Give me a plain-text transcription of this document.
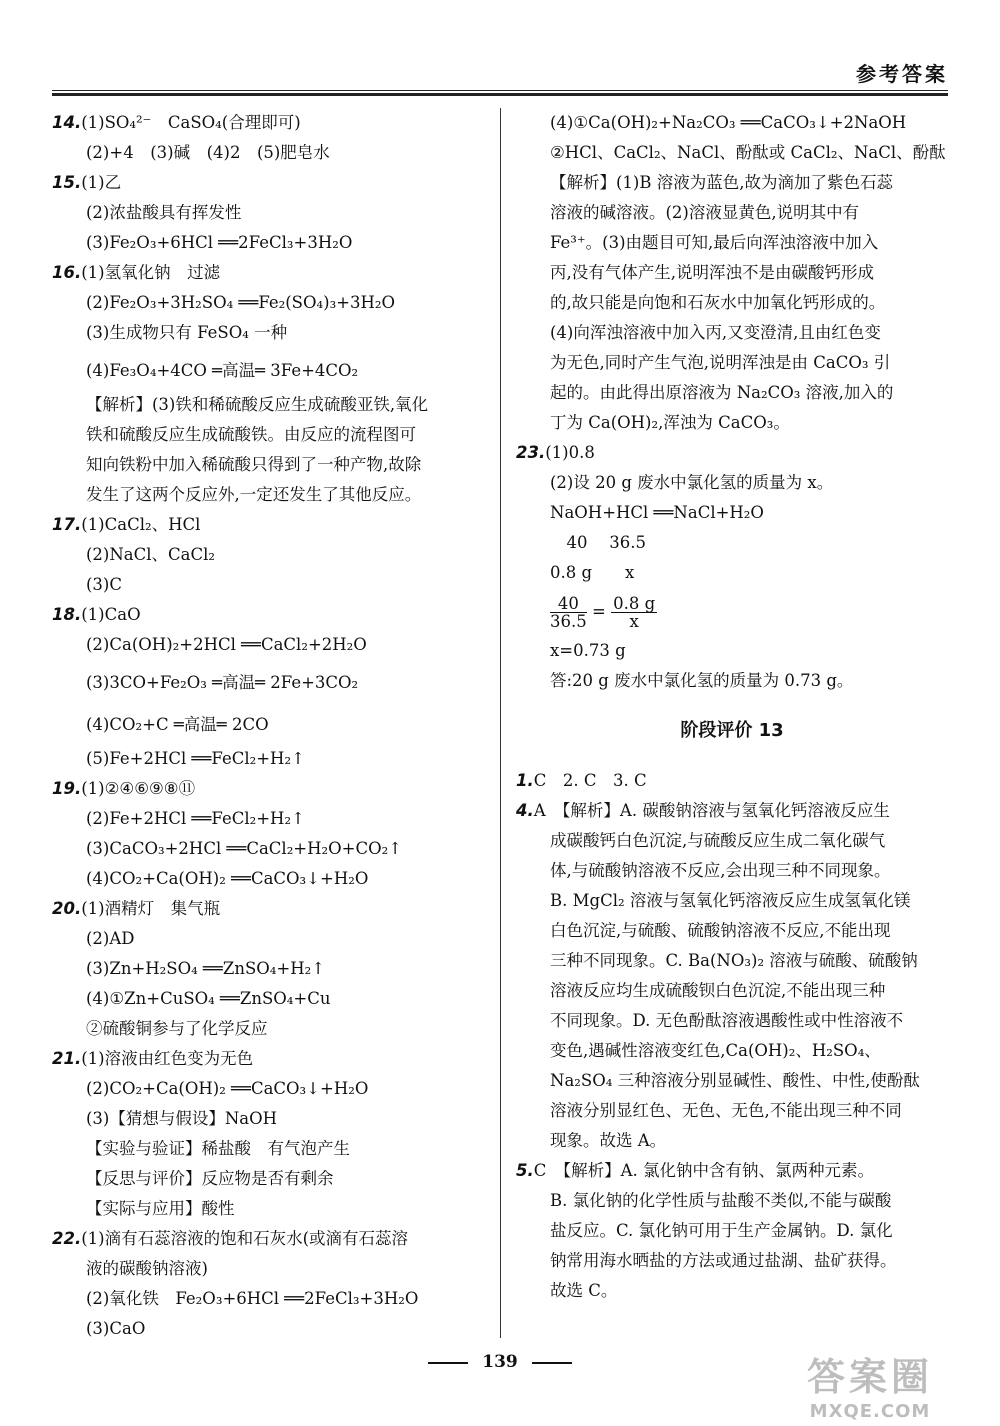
参考答案
14.(1)SO₄²⁻　CaSO₄(合理即可)
(2)+4　(3)碱　(4)2　(5)肥皂水
15.(1)乙
(2)浓盐酸具有挥发性
(3)Fe₂O₃+6HCl ══2FeCl₃+3H₂O
16.(1)氢氧化钠　过滤
(2)Fe₂O₃+3H₂SO₄ ══Fe₂(SO₄)₃+3H₂O
(3)生成物只有 FeSO₄ 一种
(4)Fe₃O₄+4CO ═高温═ 3Fe+4CO₂
【解析】(3)铁和稀硫酸反应生成硫酸亚铁,氧化
铁和硫酸反应生成硫酸铁。由反应的流程图可
知向铁粉中加入稀硫酸只得到了一种产物,故除
发生了这两个反应外,一定还发生了其他反应。
17.(1)CaCl₂、HCl
(2)NaCl、CaCl₂
(3)C
18.(1)CaO
(2)Ca(OH)₂+2HCl ══CaCl₂+2H₂O
(3)3CO+Fe₂O₃ ═高温═ 2Fe+3CO₂
(4)CO₂+C ═高温═ 2CO
(5)Fe+2HCl ══FeCl₂+H₂↑
19.(1)②④⑥⑨⑧⑪
(2)Fe+2HCl ══FeCl₂+H₂↑
(3)CaCO₃+2HCl ══CaCl₂+H₂O+CO₂↑
(4)CO₂+Ca(OH)₂ ══CaCO₃↓+H₂O
20.(1)酒精灯　集气瓶
(2)AD
(3)Zn+H₂SO₄ ══ZnSO₄+H₂↑
(4)①Zn+CuSO₄ ══ZnSO₄+Cu
②硫酸铜参与了化学反应
21.(1)溶液由红色变为无色
(2)CO₂+Ca(OH)₂ ══CaCO₃↓+H₂O
(3)【猜想与假设】NaOH
【实验与验证】稀盐酸　有气泡产生
【反思与评价】反应物是否有剩余
【实际与应用】酸性
22.(1)滴有石蕊溶液的饱和石灰水(或滴有石蕊溶
液的碳酸钠溶液)
(2)氧化铁　Fe₂O₃+6HCl ══2FeCl₃+3H₂O
(3)CaO
(4)①Ca(OH)₂+Na₂CO₃ ══CaCO₃↓+2NaOH
②HCl、CaCl₂、NaCl、酚酞或 CaCl₂、NaCl、酚酞
【解析】(1)B 溶液为蓝色,故为滴加了紫色石蕊
溶液的碱溶液。(2)溶液显黄色,说明其中有
Fe³⁺。(3)由题目可知,最后向浑浊溶液中加入
丙,没有气体产生,说明浑浊不是由碳酸钙形成
的,故只能是向饱和石灰水中加氧化钙形成的。
(4)向浑浊溶液中加入丙,又变澄清,且由红色变
为无色,同时产生气泡,说明浑浊是由 CaCO₃ 引
起的。由此得出原溶液为 Na₂CO₃ 溶液,加入的
丁为 Ca(OH)₂,浑浊为 CaCO₃。
23.(1)0.8
(2)设 20 g 废水中氯化氢的质量为 x。
NaOH+HCl ══NaCl+H₂O
　40　 36.5
0.8 g　　x
$\frac{40}{36.5} = \frac{0.8 g}{x}$
x=0.73 g
答:20 g 废水中氯化氢的质量为 0.73 g。
阶段评价 13
1.C　2. C　3. C
4.A　【解析】A. 碳酸钠溶液与氢氧化钙溶液反应生
成碳酸钙白色沉淀,与硫酸反应生成二氧化碳气
体,与硫酸钠溶液不反应,会出现三种不同现象。
B. MgCl₂ 溶液与氢氧化钙溶液反应生成氢氧化镁
白色沉淀,与硫酸、硫酸钠溶液不反应,不能出现
三种不同现象。C. Ba(NO₃)₂ 溶液与硫酸、硫酸钠
溶液反应均生成硫酸钡白色沉淀,不能出现三种
不同现象。D. 无色酚酞溶液遇酸性或中性溶液不
变色,遇碱性溶液变红色,Ca(OH)₂、H₂SO₄、
Na₂SO₄ 三种溶液分别显碱性、酸性、中性,使酚酞
溶液分别显红色、无色、无色,不能出现三种不同
现象。故选 A。
5.C　【解析】A. 氯化钠中含有钠、氯两种元素。
B. 氯化钠的化学性质与盐酸不类似,不能与碳酸
盐反应。C. 氯化钠可用于生产金属钠。D. 氯化
钠常用海水晒盐的方法或通过盐湖、盐矿获得。
故选 C。
139	答案圈
MXQE.COM
